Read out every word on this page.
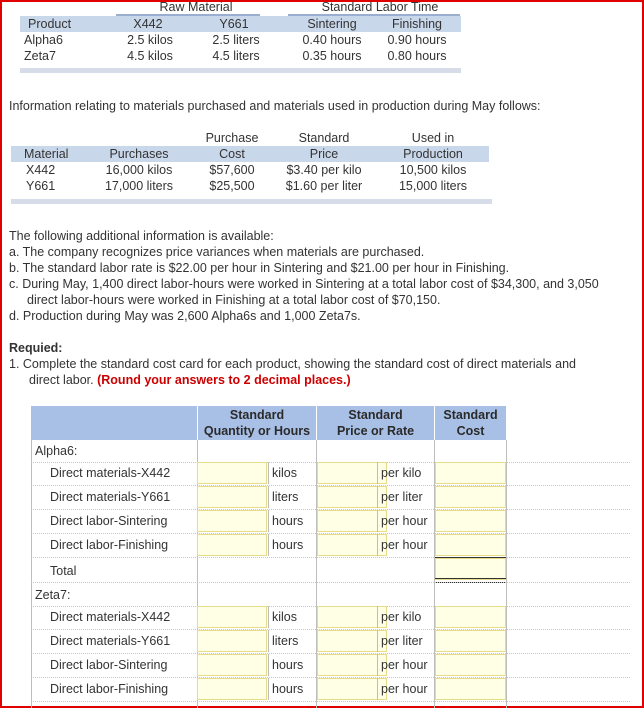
Raw Material	Standard Labor Time
Product	X442	Y661	Sintering	Finishing
Alpha6	2.5 kilos	2.5 liters	0.40 hours	0.90 hours
Zeta7	4.5 kilos	4.5 liters	0.35 hours	0.80 hours
Information relating to materials purchased and materials used in production during May follows:
Purchase	Standard	Used in
Material	Purchases	Cost	Price	Production
X442	16,000 kilos	$57,600	$3.40 per kilo	10,500 kilos
Y661	17,000 liters	$25,500	$1.60 per liter	15,000 liters
The following additional information is available:
a. The company recognizes price variances when materials are purchased.
b. The standard labor rate is $22.00 per hour in Sintering and $21.00 per hour in Finishing.
c. During May, 1,400 direct labor-hours were worked in Sintering at a total labor cost of $34,300, and 3,050
direct labor-hours were worked in Finishing at a total labor cost of $70,150.
d. Production during May was 2,600 Alpha6s and 1,000 Zeta7s.
Requied:
1. Complete the standard cost card for each product, showing the standard cost of direct materials and
direct labor. (Round your answers to 2 decimal places.)
Standard
Quantity or Hours
Standard
Price or Rate
Standard
Cost
Alpha6:
Direct materials-X442	kilos	per kilo
Direct materials-Y661	liters	per liter
Direct labor-Sintering	hours	per hour
Direct labor-Finishing	hours	per hour
Total
Zeta7:
Direct materials-X442	kilos	per kilo
Direct materials-Y661	liters	per liter
Direct labor-Sintering	hours	per hour
Direct labor-Finishing	hours	per hour
